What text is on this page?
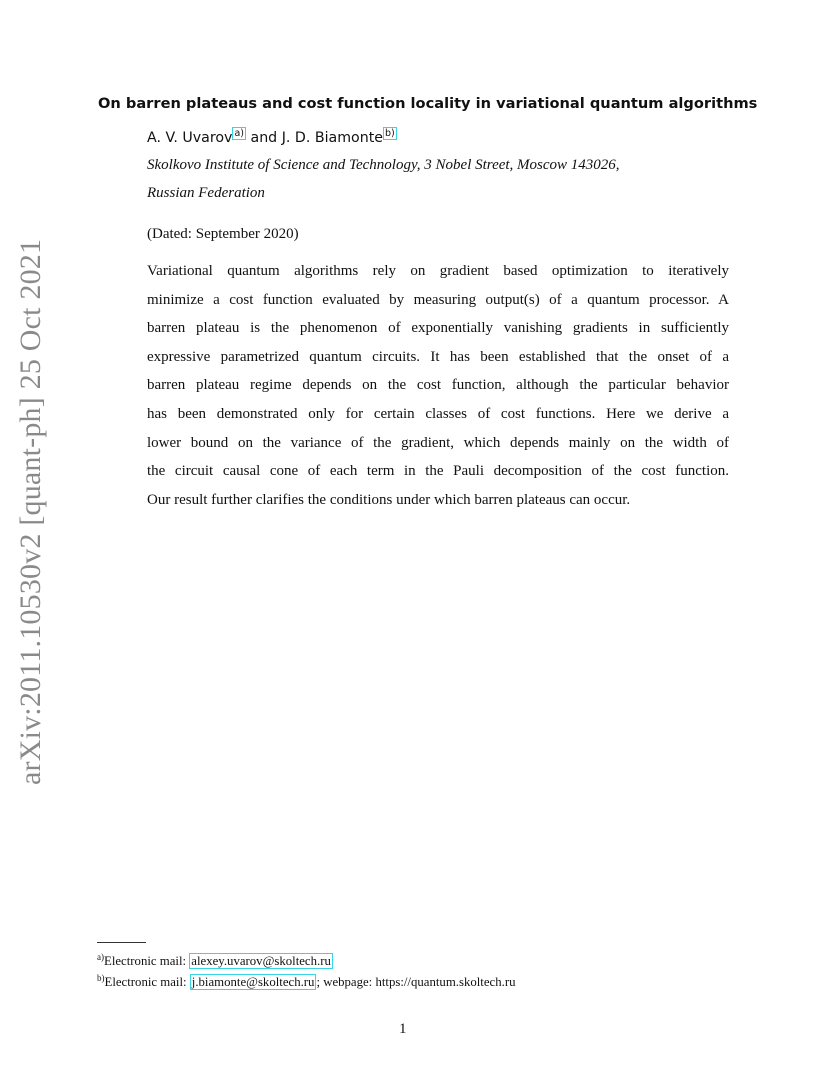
arXiv:2011.10530v2 [quant-ph] 25 Oct 2021
On barren plateaus and cost function locality in variational quantum algorithms
A. V. Uvarov $^{a)}$ and J. D. Biamonte $^{b)}$
Skolkovo Institute of Science and Technology, 3 Nobel Street, Moscow 143026,
Russian Federation
(Dated: September 2020)
Variational quantum algorithms rely on gradient based optimization to iteratively
minimize a cost function evaluated by measuring output(s) of a quantum processor. A
barren plateau is the phenomenon of exponentially vanishing gradients in sufficiently
expressive parametrized quantum circuits. It has been established that the onset of a
barren plateau regime depends on the cost function, although the particular behavior
has been demonstrated only for certain classes of cost functions. Here we derive a
lower bound on the variance of the gradient, which depends mainly on the width of
the circuit causal cone of each term in the Pauli decomposition of the cost function.
Our result further clarifies the conditions under which barren plateaus can occur.
$^{a)}$Electronic mail: alexey.uvarov@skoltech.ru
$^{b)}$Electronic mail: j.biamonte@skoltech.ru ; webpage: https://quantum.skoltech.ru
1
